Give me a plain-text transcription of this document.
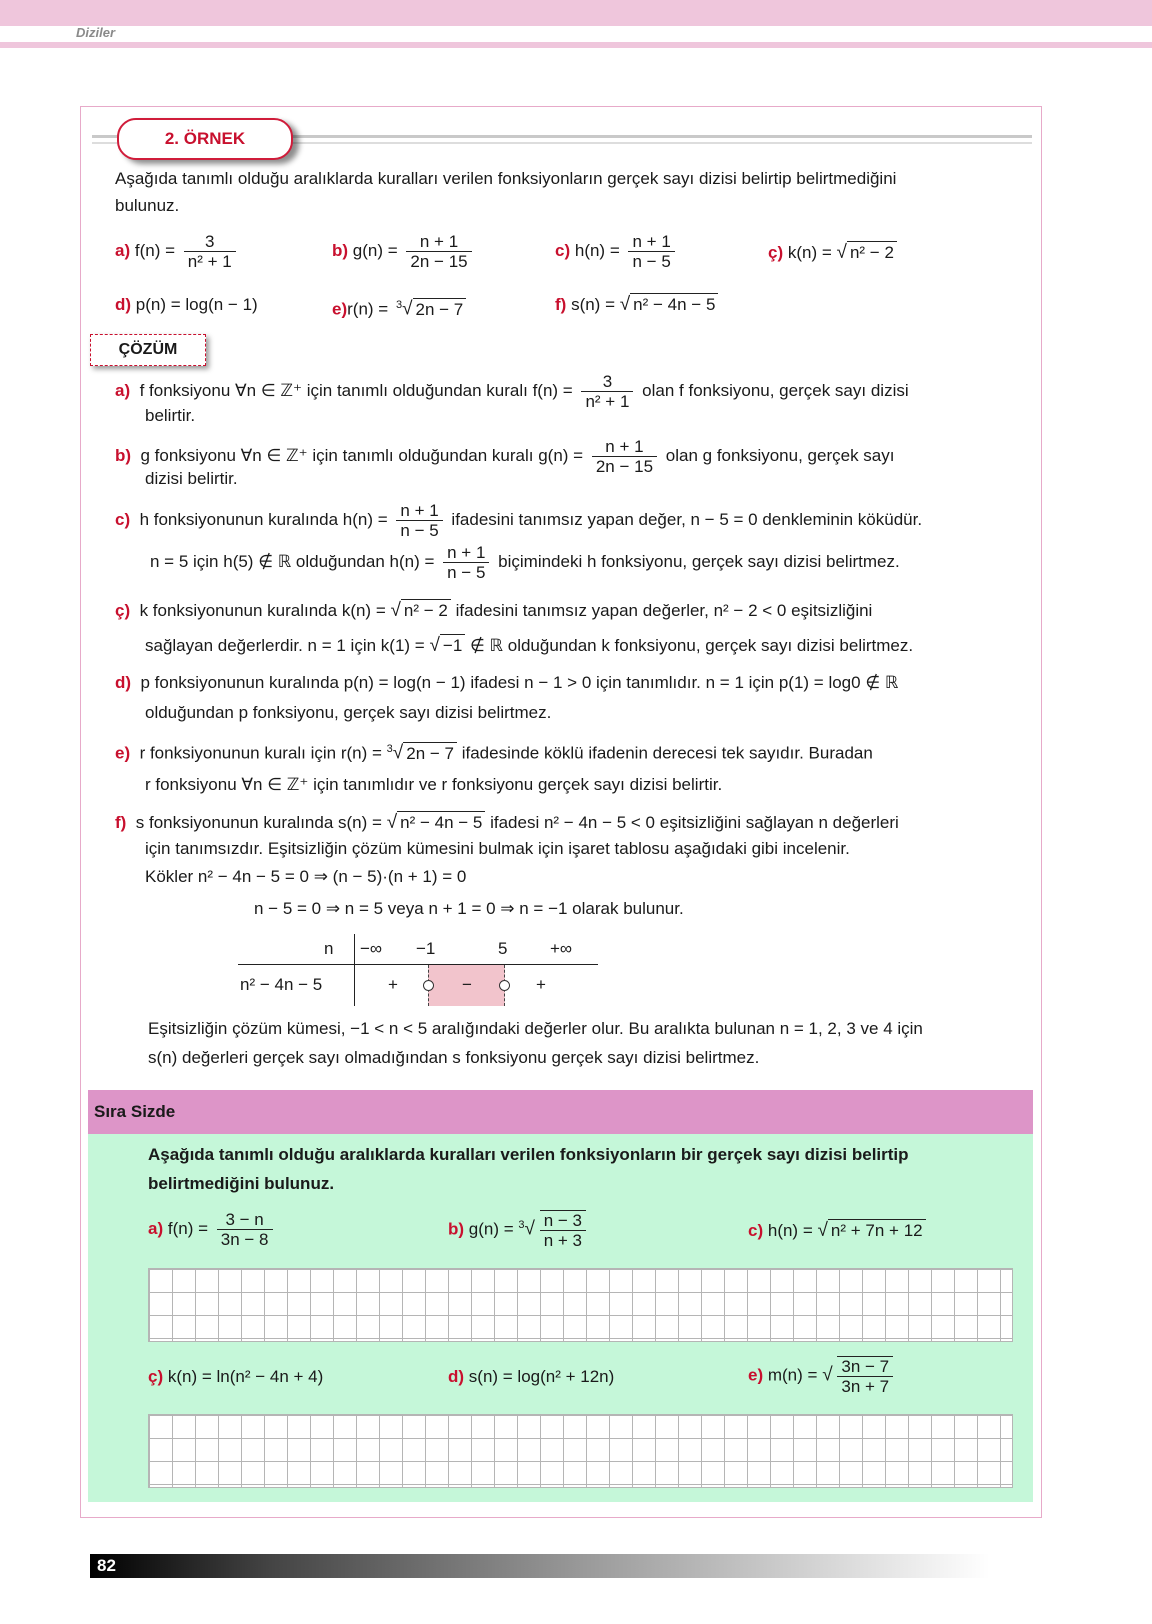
Diziler
2. ÖRNEK
Aşağıda tanımlı olduğu aralıklarda kuralları verilen fonksiyonların gerçek sayı dizisi belirtip belirtmediğini
bulunuz.
a) $f(n) = \frac{3}{\text{n² + 1}}$	b) $g(n) = \frac{n + 1}{2n - 15}$	c) $h(n) = \frac{n + 1}{n - 5}$	ç) k(n) = √ n² − 2
d) p(n) = log(n − 1)	e)r(n) = $^3$√ 2n − 7	f) s(n) = √ n² − 4n − 5
ÇÖZÜM
a) f fonksiyonu ∀n ∈ ℤ⁺ için tanımlı olduğundan kuralı $f(n) = \frac{3}{\text{n² + 1}}$ olan f fonksiyonu, gerçek sayı dizisi
belirtir.
b) g fonksiyonu ∀n ∈ ℤ⁺ için tanımlı olduğundan kuralı $g(n) = \frac{n + 1}{2n - 15}$ olan g fonksiyonu, gerçek sayı
dizisi belirtir.
c) h fonksiyonunun kuralında $h(n) = \frac{n + 1}{n - 5}$ ifadesini tanımsız yapan değer, n − 5 = 0 denkleminin köküdür.
n = 5 için h(5) ∉ ℝ olduğundan $h(n) = \frac{n + 1}{n - 5}$ biçimindeki h fonksiyonu, gerçek sayı dizisi belirtmez.
ç) k fonksiyonunun kuralında k(n) = √ n² − 2 ifadesini tanımsız yapan değerler, n² − 2 < 0 eşitsizliğini
sağlayan değerlerdir. n = 1 için k(1) = √ −1 ∉ ℝ olduğundan k fonksiyonu, gerçek sayı dizisi belirtmez.
d) p fonksiyonunun kuralında p(n) = log(n − 1) ifadesi n − 1 > 0 için tanımlıdır. n = 1 için p(1) = log0 ∉ ℝ
olduğundan p fonksiyonu, gerçek sayı dizisi belirtmez.
e) r fonksiyonunun kuralı için r(n) = $^3$√ 2n − 7 ifadesinde köklü ifadenin derecesi tek sayıdır. Buradan
r fonksiyonu ∀n ∈ ℤ⁺ için tanımlıdır ve r fonksiyonu gerçek sayı dizisi belirtir.
f) s fonksiyonunun kuralında s(n) = √ n² − 4n − 5 ifadesi n² − 4n − 5 < 0 eşitsizliğini sağlayan n değerleri
için tanımsızdır. Eşitsizliğin çözüm kümesini bulmak için işaret tablosu aşağıdaki gibi incelenir.
Kökler n² − 4n − 5 = 0 ⇒ (n − 5)·(n + 1) = 0
n − 5 = 0 ⇒ n = 5 veya n + 1 = 0 ⇒ n = −1 olarak bulunur.
n −∞ −1	5	+∞
n² − 4n − 5	+	−	+
Eşitsizliğin çözüm kümesi, −1 < n < 5 aralığındaki değerler olur. Bu aralıkta bulunan n = 1, 2, 3 ve 4 için
s(n) değerleri gerçek sayı olmadığından s fonksiyonu gerçek sayı dizisi belirtmez.
Sıra Sizde
Aşağıda tanımlı olduğu aralıklarda kuralları verilen fonksiyonların bir gerçek sayı dizisi belirtip
belirtmediğini bulunuz.
a) $f(n) = \frac{3 - n}{3n - 8}$	b) $g(n) = ^3√ \frac{n - 3}{n + 3}$	c) h(n) = √ n² + 7n + 12
ç) k(n) = ln(n² − 4n + 4)	d) s(n) = log(n² + 12n)	e) m(n) = √ $\frac{3n - 7}{3n + 7}$
82
